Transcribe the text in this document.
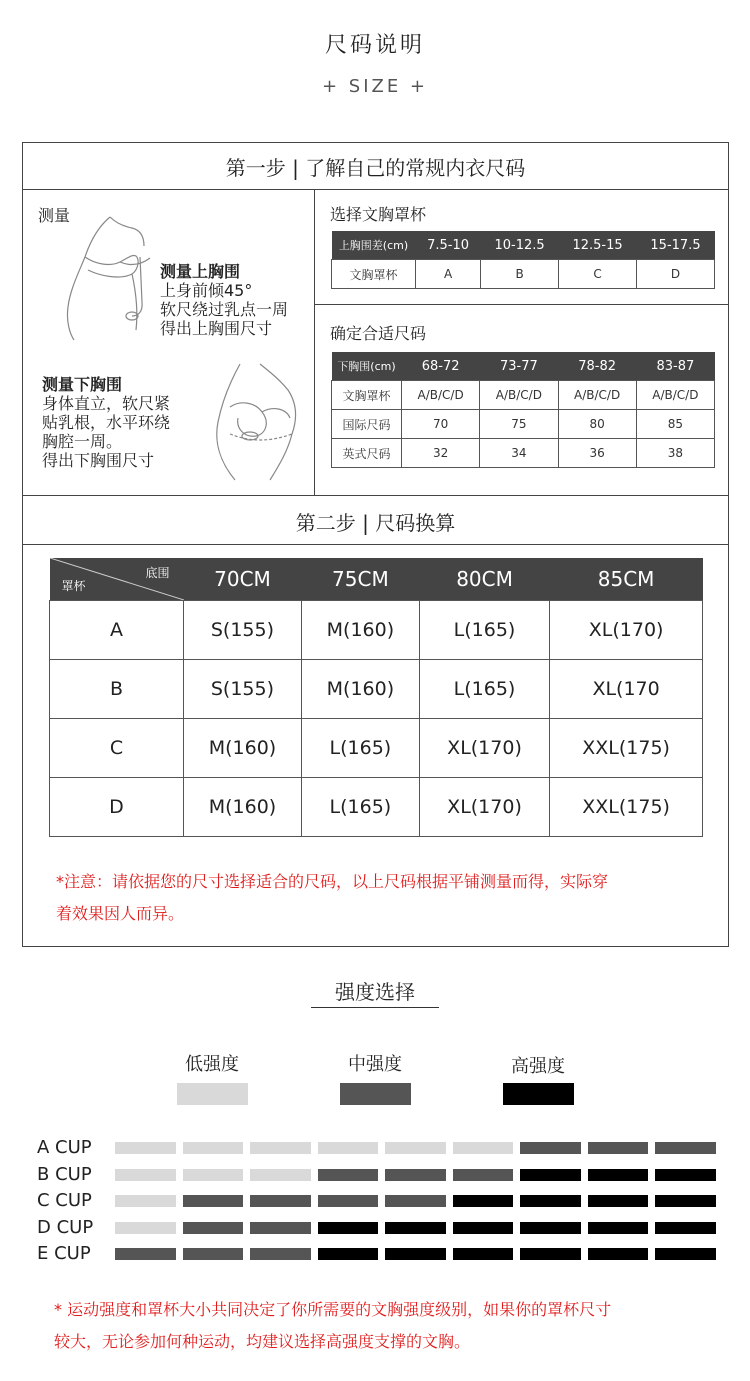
尺码说明
+ SIZE +
第一步 | 了解自己的常规内衣尺码
测量
测量上胸围
上身前倾45°
软尺绕过乳点一周
得出上胸围尺寸
测量下胸围
身体直立，软尺紧
贴乳根，水平环绕
胸腔一周。
得出下胸围尺寸
选择文胸罩杯
上胸围差(cm)	7.5-10	10-12.5	12.5-15	15-17.5
文胸罩杯	A	B	C	D
确定合适尺码
下胸围(cm)	68-72	73-77	78-82	83-87
文胸罩杯	A/B/C/D	A/B/C/D	A/B/C/D	A/B/C/D
国际尺码	70	75	80	85
英式尺码	32	34	36	38
第二步 | 尺码换算
底围
罩杯	70CM	75CM	80CM	85CM
A	S(155)	M(160)	L(165)	XL(170)
B	S(155)	M(160)	L(165)	XL(170
C	M(160)	L(165)	XL(170)	XXL(175)
D	M(160)	L(165)	XL(170)	XXL(175)
*注意：请依据您的尺寸选择适合的尺码，以上尺码根据平铺测量而得，实际穿
着效果因人而异。
强度选择
低强度	中强度	高强度
A CUP
B CUP
C CUP
D CUP
E CUP
* 运动强度和罩杯大小共同决定了你所需要的文胸强度级别，如果你的罩杯尺寸
较大，无论参加何种运动，均建议选择高强度支撑的文胸。
